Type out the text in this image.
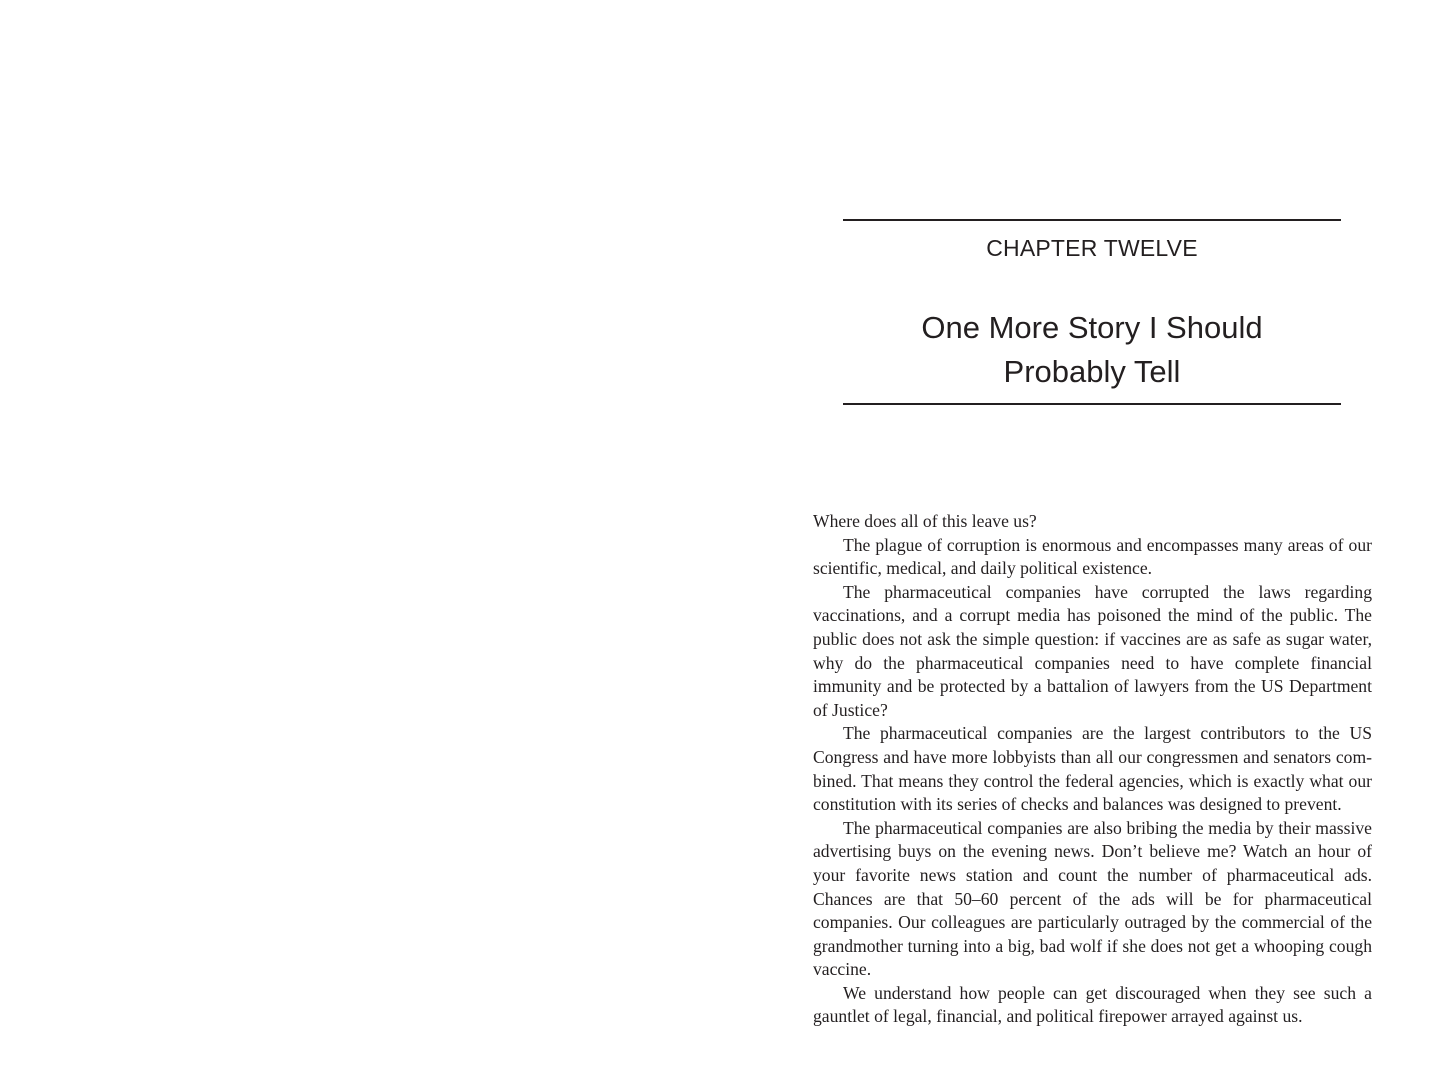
CHAPTER TWELVE
One More Story I Should
Probably Tell

Where does all of this leave us?

The plague of corruption is enormous and encompasses many areas of our scientific, medical, and daily political existence.

The pharmaceutical companies have corrupted the laws regarding vaccinations, and a corrupt media has poisoned the mind of the public. The public does not ask the simple question: if vaccines are as safe as sugar water, why do the pharmaceutical companies need to have complete financial immunity and be protected by a battalion of lawyers from the US Department of Justice?

The pharmaceutical companies are the largest contributors to the US Congress and have more lobbyists than all our congressmen and senators combined. That means they control the federal agencies, which is exactly what our constitution with its series of checks and balances was designed to prevent.

The pharmaceutical companies are also bribing the media by their massive advertising buys on the evening news. Don’t believe me? Watch an hour of your favorite news station and count the number of pharmaceutical ads. Chances are that 50–60 percent of the ads will be for pharmaceutical companies. Our colleagues are particularly outraged by the commercial of the grandmother turning into a big, bad wolf if she does not get a whooping cough vaccine.

We understand how people can get discouraged when they see such a gauntlet of legal, financial, and political firepower arrayed against us.
